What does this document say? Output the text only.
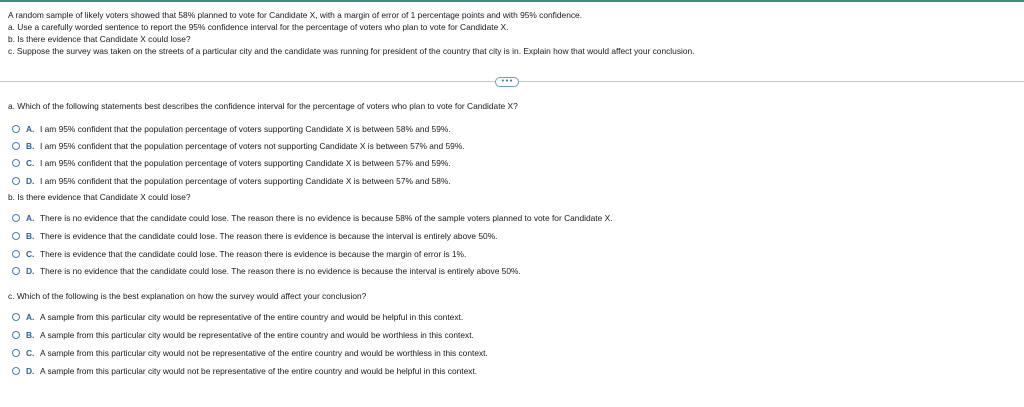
A random sample of likely voters showed that 58% planned to vote for Candidate X, with a margin of error of 1 percentage points and with 95% confidence.
a. Use a carefully worded sentence to report the 95% confidence interval for the percentage of voters who plan to vote for Candidate X.
b. Is there evidence that Candidate X could lose?
c. Suppose the survey was taken on the streets of a particular city and the candidate was running for president of the country that city is in. Explain how that would affect your conclusion.
•••
a. Which of the following statements best describes the confidence interval for the percentage of voters who plan to vote for Candidate X?
A. I am 95% confident that the population percentage of voters supporting Candidate X is between 58% and 59%.
B. I am 95% confident that the population percentage of voters not supporting Candidate X is between 57% and 59%.
C. I am 95% confident that the population percentage of voters supporting Candidate X is between 57% and 59%.
D. I am 95% confident that the population percentage of voters supporting Candidate X is between 57% and 58%.
b. Is there evidence that Candidate X could lose?
A. There is no evidence that the candidate could lose. The reason there is no evidence is because 58% of the sample voters planned to vote for Candidate X.
B. There is evidence that the candidate could lose. The reason there is evidence is because the interval is entirely above 50%.
C. There is evidence that the candidate could lose. The reason there is evidence is because the margin of error is 1%.
D. There is no evidence that the candidate could lose. The reason there is no evidence is because the interval is entirely above 50%.
c. Which of the following is the best explanation on how the survey would affect your conclusion?
A. A sample from this particular city would be representative of the entire country and would be helpful in this context.
B. A sample from this particular city would be representative of the entire country and would be worthless in this context.
C. A sample from this particular city would not be representative of the entire country and would be worthless in this context.
D. A sample from this particular city would not be representative of the entire country and would be helpful in this context.
